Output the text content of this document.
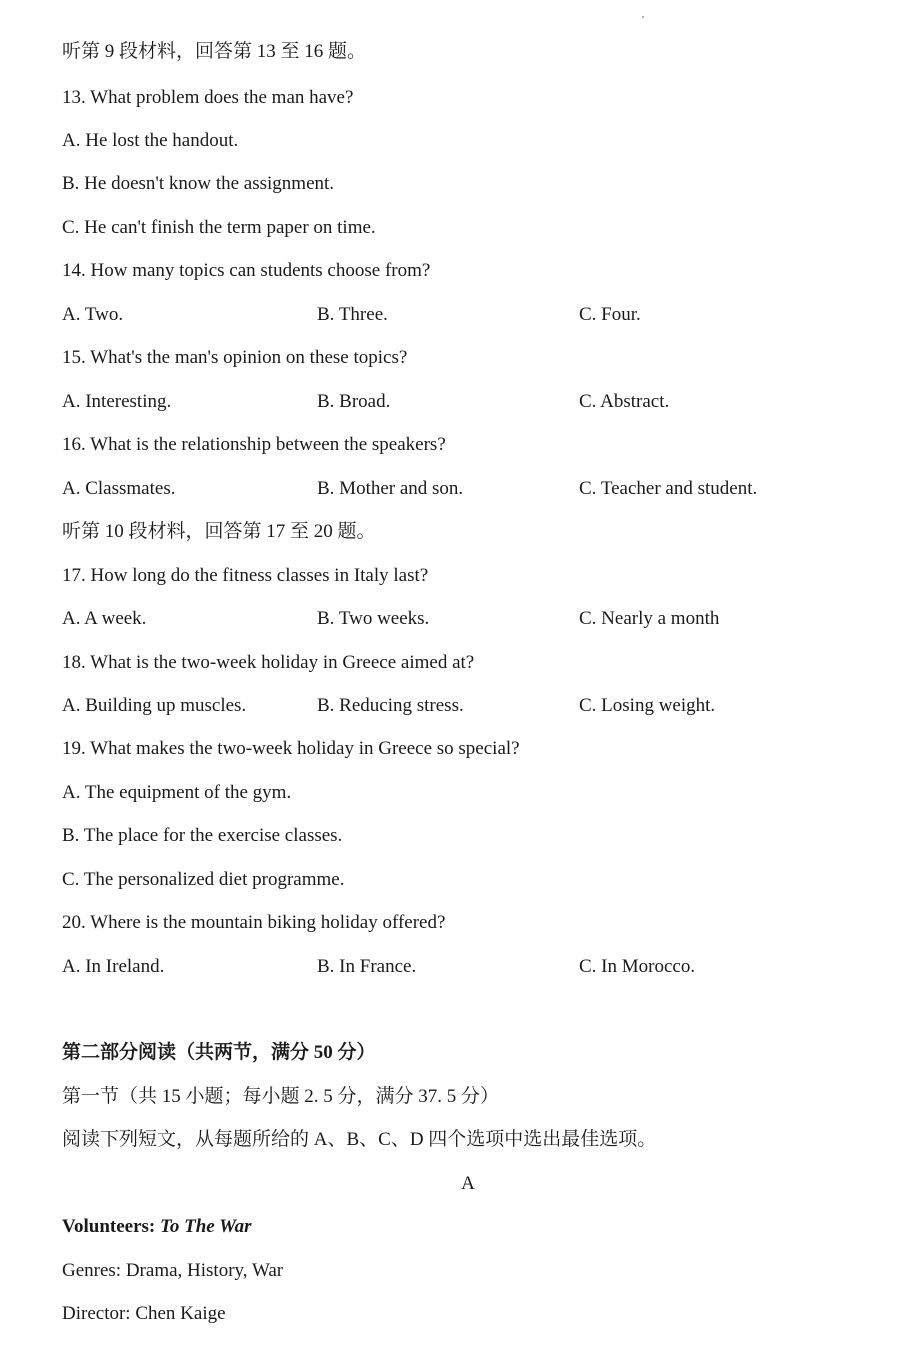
听第 9 段材料，回答第 13 至 16 题。

13. What problem does the man have?

A. He lost the handout.

B. He doesn't know the assignment.

C. He can't finish the term paper on time.

14. How many topics can students choose from?

A. Two.	B. Three.	C. Four.

15. What's the man's opinion on these topics?

A. Interesting.	B. Broad.	C. Abstract.

16. What is the relationship between the speakers?

A. Classmates.	B. Mother and son.	C. Teacher and student.

听第 10 段材料，回答第 17 至 20 题。

17. How long do the fitness classes in Italy last?

A. A week.	B. Two weeks.	C. Nearly a month

18. What is the two-week holiday in Greece aimed at?

A. Building up muscles.	B. Reducing stress.	C. Losing weight.

19. What makes the two-week holiday in Greece so special?

A. The equipment of the gym.

B. The place for the exercise classes.

C. The personalized diet programme.

20. Where is the mountain biking holiday offered?

A. In Ireland.	B. In France.	C. In Morocco.

第二部分阅读（共两节，满分 50 分）

第一节（共 15 小题；每小题 2. 5 分，满分 37. 5 分）

阅读下列短文，从每题所给的 A、B、C、D 四个选项中选出最佳选项。

A

Volunteers: To The War

Genres: Drama, History, War

Director: Chen Kaige
